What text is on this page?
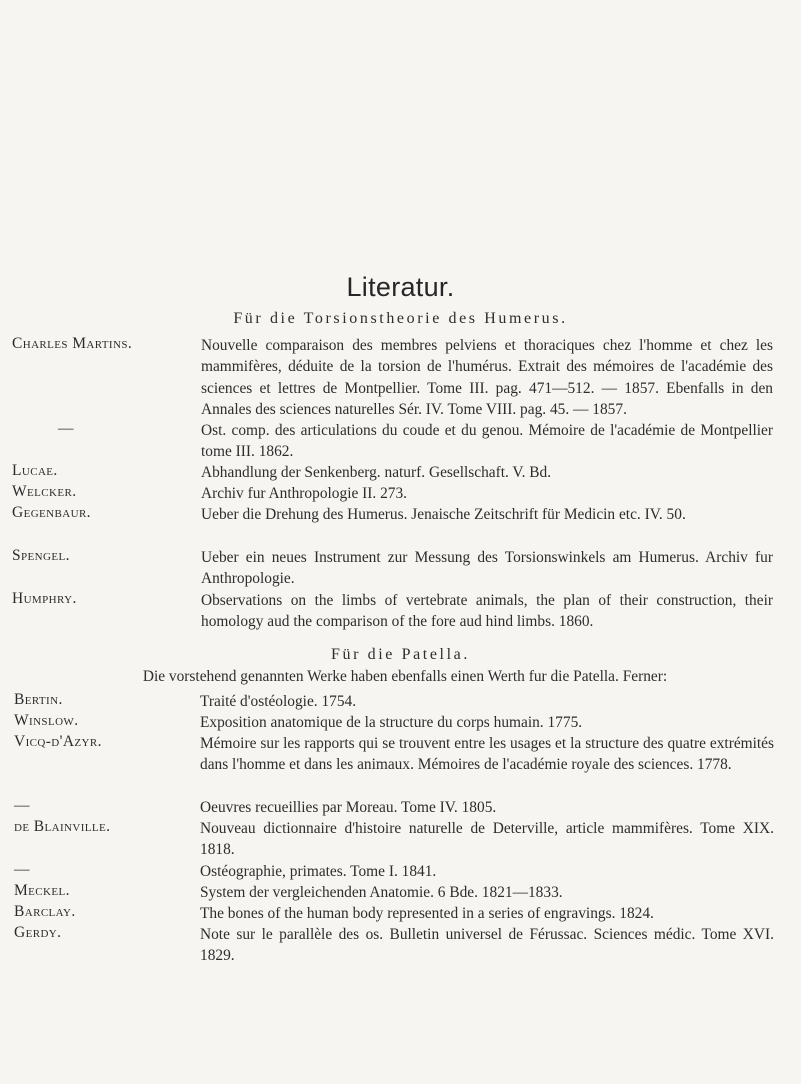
Literatur.
Für die Torsionstheorie des Humerus.
Charles Martins.	Nouvelle comparaison des membres pelviens et thoraciques chez l'homme et chez les mammifères, déduite de la torsion de l'humérus. Extrait des mémoires de l'académie des sciences et lettres de Montpellier. Tome III. pag. 471—512. — 1857. Ebenfalls in den Annales des sciences naturelles Sér. IV. Tome VIII. pag. 45. — 1857.
—	Ost. comp. des articulations du coude et du genou. Mémoire de l'académie de Montpellier tome III. 1862.
Lucae.	Abhandlung der Senkenberg. naturf. Gesellschaft. V. Bd.
Welcker.	Archiv fur Anthropologie II. 273.
Gegenbaur.	Ueber die Drehung des Humerus. Jenaische Zeitschrift für Medicin etc. IV. 50.
Spengel.	Ueber ein neues Instrument zur Messung des Torsionswinkels am Humerus. Archiv fur Anthropologie.
Humphry.	Observations on the limbs of vertebrate animals, the plan of their construction, their homology aud the comparison of the fore aud hind limbs. 1860.
Für die Patella.
Die vorstehend genannten Werke haben ebenfalls einen Werth fur die Patella. Ferner:
Bertin.	Traité d'ostéologie. 1754.
Winslow.	Exposition anatomique de la structure du corps humain. 1775.
Vicq-d'Azyr.	Mémoire sur les rapports qui se trouvent entre les usages et la structure des quatre extrémités dans l'homme et dans les animaux. Mémoires de l'académie royale des sciences. 1778.
—	Oeuvres recueillies par Moreau. Tome IV. 1805.
de Blainville.	Nouveau dictionnaire d'histoire naturelle de Deterville, article mammifères. Tome XIX. 1818.
—	Ostéographie, primates. Tome I. 1841.
Meckel.	System der vergleichenden Anatomie. 6 Bde. 1821—1833.
Barclay.	The bones of the human body represented in a series of engravings. 1824.
Gerdy.	Note sur le parallèle des os. Bulletin universel de Férussac. Sciences médic. Tome XVI. 1829.
